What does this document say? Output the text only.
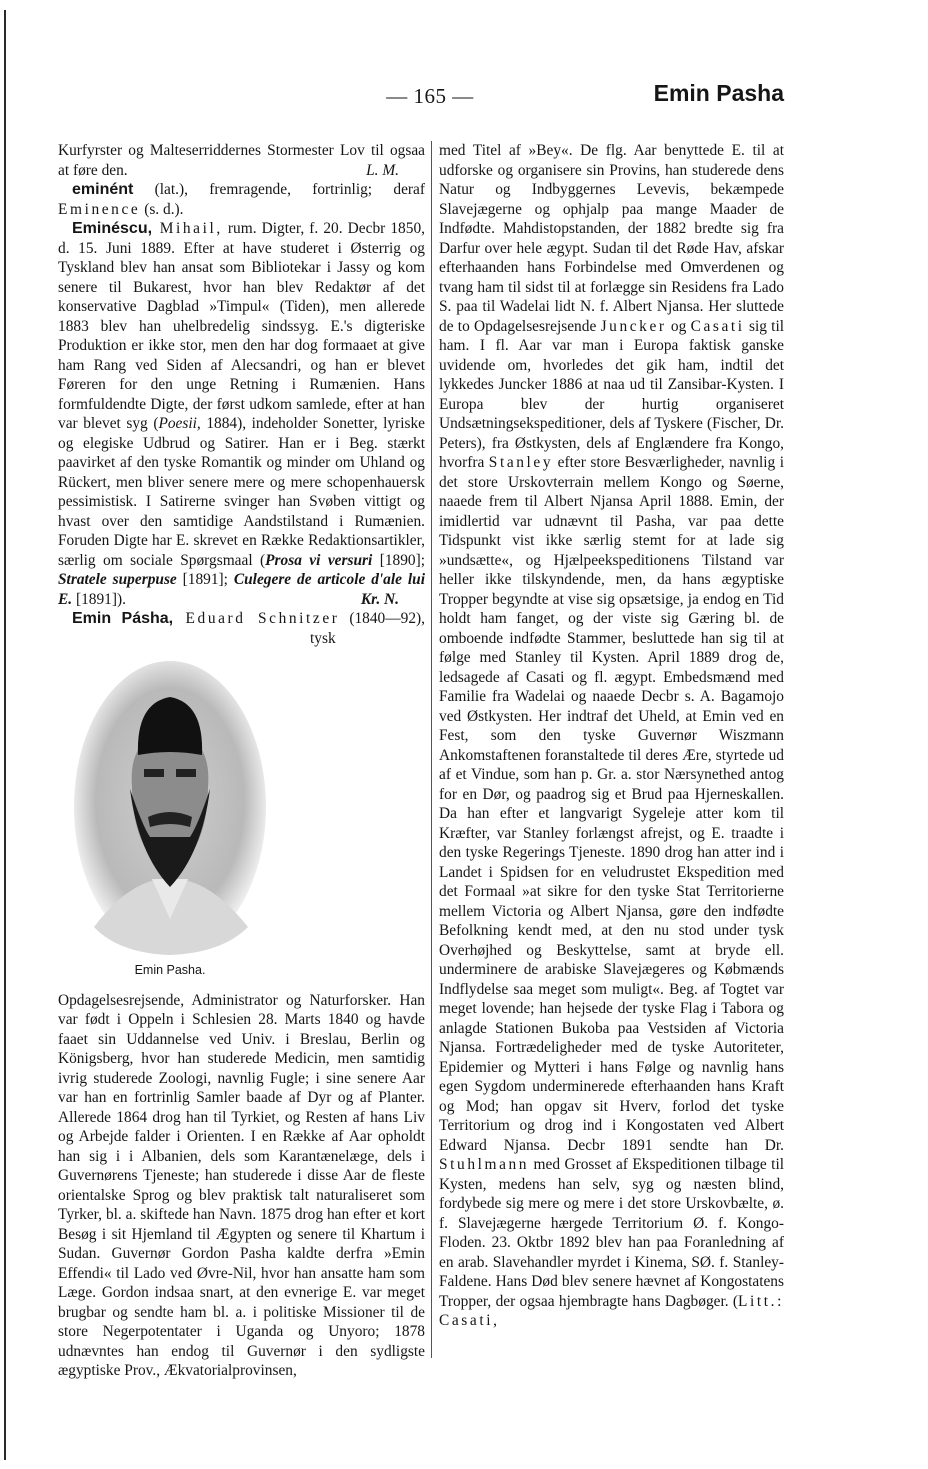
— 165 —	Emin Pasha

Kurfyrster og Malteserriddernes Stormester Lov til ogsaa at føre den.	L. M.

eminént (lat.), fremragende, fortrinlig; deraf Eminence (s. d.).

Eminéscu, Mihail, rum. Digter, f. 20. Decbr 1850, d. 15. Juni 1889. Efter at have studeret i Østerrig og Tyskland blev han ansat som Bibliotekar i Jassy og kom senere til Bukarest, hvor han blev Redaktør af det konservative Dagblad »Timpul« (Tiden), men allerede 1883 blev han uhelbredelig sindssyg. E.'s digteriske Produktion er ikke stor, men den har dog formaaet at give ham Rang ved Siden af Alecsandri, og han er blevet Føreren for den unge Retning i Rumænien. Hans formfuldendte Digte, der først udkom samlede, efter at han var blevet syg (Poesii, 1884), indeholder Sonetter, lyriske og elegiske Udbrud og Satirer. Han er i Beg. stærkt paavirket af den tyske Romantik og minder om Uhland og Rückert, men bliver senere mere og mere schopenhauersk pessimistisk. I Satirerne svinger han Svøben vittigt og hvast over den samtidige Aandstilstand i Rumænien. Foruden Digte har E. skrevet en Række Redaktionsartikler, særlig om sociale Spørgsmaal (Prosa vi versuri [1890]; Stratele superpuse [1891]; Culegere de articole d'ale lui E. [1891]).	Kr. N.

Emin Pásha, Eduard Schnitzer
Emin Pasha.
(1840—92), tysk Opdagelsesrejsende, Administrator og Naturforsker. Han var født i Oppeln i Schlesien 28. Marts 1840 og havde faaet sin Uddannelse ved Univ. i Breslau, Berlin og Königsberg, hvor han studerede Medicin, men samtidig ivrig studerede Zoologi, navnlig Fugle; i sine senere Aar var han en fortrinlig Samler baade af Dyr og af Planter. Allerede 1864 drog han til Tyrkiet, og Resten af hans Liv og Arbejde falder i Orienten. I en Række af Aar opholdt han sig i i Albanien, dels som Karantænelæge, dels i Guvernørens Tjeneste; han studerede i disse Aar de fleste orientalske Sprog og blev praktisk talt naturaliseret som Tyrker, bl. a. skiftede han Navn. 1875 drog han efter et kort Besøg i sit Hjemland til Ægypten og senere til Khartum i Sudan. Guvernør Gordon Pasha kaldte derfra »Emin Effendi« til Lado ved Øvre-Nil, hvor han ansatte ham som Læge. Gordon indsaa snart, at den evnerige E. var meget brugbar og sendte ham bl. a. i politiske Missioner til de store Negerpotentater i Uganda og Unyoro; 1878 udnævntes han endog til Guvernør i den sydligste ægyptiske Prov., Ækvatorialprovinsen,

med Titel af »Bey«. De flg. Aar benyttede E. til at udforske og organisere sin Provins, han studerede dens Natur og Indbyggernes Levevis, bekæmpede Slavejægerne og ophjalp paa mange Maader de Indfødte. Mahdistopstanden, der 1882 bredte sig fra Darfur over hele ægypt. Sudan til det Røde Hav, afskar efterhaanden hans Forbindelse med Omverdenen og tvang ham til sidst til at forlægge sin Residens fra Lado S. paa til Wadelai lidt N. f. Albert Njansa. Her sluttede de to Opdagelsesrejsende Juncker og Casati sig til ham. I fl. Aar var man i Europa faktisk ganske uvidende om, hvorledes det gik ham, indtil det lykkedes Juncker 1886 at naa ud til Zansibar-Kysten. I Europa blev der hurtig organiseret Undsætningsekspeditioner, dels af Tyskere (Fischer, Dr. Peters), fra Østkysten, dels af Englændere fra Kongo, hvorfra Stanley efter store Besværligheder, navnlig i det store Urskovterrain mellem Kongo og Søerne, naaede frem til Albert Njansa April 1888. Emin, der imidlertid var udnævnt til Pasha, var paa dette Tidspunkt vist ikke særlig stemt for at lade sig »undsætte«, og Hjælpeekspeditionens Tilstand var heller ikke tilskyndende, men, da hans ægyptiske Tropper begyndte at vise sig opsætsige, ja endog en Tid holdt ham fanget, og der viste sig Gæring bl. de omboende indfødte Stammer, besluttede han sig til at følge med Stanley til Kysten. April 1889 drog de, ledsagede af Casati og fl. ægypt. Embedsmænd med Familie fra Wadelai og naaede Decbr s. A. Bagamojo ved Østkysten. Her indtraf det Uheld, at Emin ved en Fest, som den tyske Guvernør Wiszmann Ankomstaftenen foranstaltede til deres Ære, styrtede ud af et Vindue, som han p. Gr. a. stor Nærsynethed antog for en Dør, og paadrog sig et Brud paa Hjerneskallen. Da han efter et langvarigt Sygeleje atter kom til Kræfter, var Stanley forlængst afrejst, og E. traadte i den tyske Regerings Tjeneste. 1890 drog han atter ind i Landet i Spidsen for en veludrustet Ekspedition med det Formaal »at sikre for den tyske Stat Territorierne mellem Victoria og Albert Njansa, gøre den indfødte Befolkning kendt med, at den nu stod under tysk Overhøjhed og Beskyttelse, samt at bryde ell. underminere de arabiske Slavejægeres og Købmænds Indflydelse saa meget som muligt«. Beg. af Togtet var meget lovende; han hejsede der tyske Flag i Tabora og anlagde Stationen Bukoba paa Vestsiden af Victoria Njansa. Fortrædeligheder med de tyske Autoriteter, Epidemier og Mytteri i hans Følge og navnlig hans egen Sygdom underminerede efterhaanden hans Kraft og Mod; han opgav sit Hverv, forlod det tyske Territorium og drog ind i Kongostaten ved Albert Edward Njansa. Decbr 1891 sendte han Dr. Stuhlmann med Grosset af Ekspeditionen tilbage til Kysten, medens han selv, syg og næsten blind, fordybede sig mere og mere i det store Urskovbælte, ø. f. Slavejægerne hærgede Territorium Ø. f. Kongo-Floden. 23. Oktbr 1892 blev han paa Foranledning af en arab. Slavehandler myrdet i Kinema, SØ. f. Stanley-Faldene. Hans Død blev senere hævnet af Kongostatens Tropper, der ogsaa hjembragte hans Dagbøger. (Litt.: Casati,
